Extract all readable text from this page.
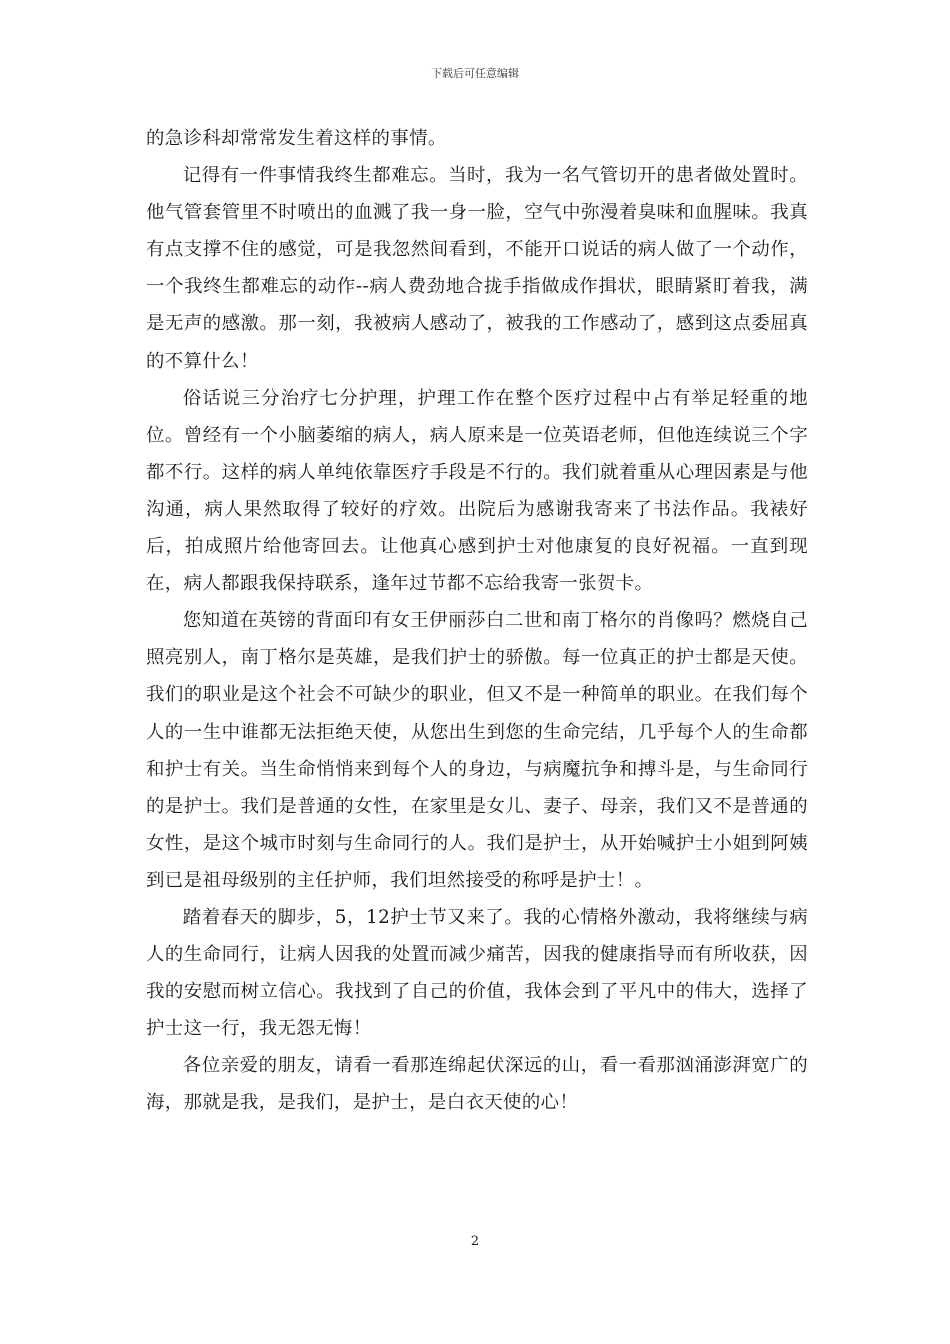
下载后可任意编辑

的急诊科却常常发生着这样的事情。

记得有一件事情我终生都难忘。当时，我为一名气管切开的患者做处置时。他气管套管里不时喷出的血溅了我一身一脸，空气中弥漫着臭味和血腥味。我真有点支撑不住的感觉，可是我忽然间看到，不能开口说话的病人做了一个动作，一个我终生都难忘的动作--病人费劲地合拢手指做成作揖状，眼睛紧盯着我，满是无声的感激。那一刻，我被病人感动了，被我的工作感动了，感到这点委屈真的不算什么！

俗话说三分治疗七分护理，护理工作在整个医疗过程中占有举足轻重的地位。曾经有一个小脑萎缩的病人，病人原来是一位英语老师，但他连续说三个字都不行。这样的病人单纯依靠医疗手段是不行的。我们就着重从心理因素是与他沟通，病人果然取得了较好的疗效。出院后为感谢我寄来了书法作品。我裱好后，拍成照片给他寄回去。让他真心感到护士对他康复的良好祝福。一直到现在，病人都跟我保持联系，逢年过节都不忘给我寄一张贺卡。

您知道在英镑的背面印有女王伊丽莎白二世和南丁格尔的肖像吗？燃烧自己照亮别人，南丁格尔是英雄，是我们护士的骄傲。每一位真正的护士都是天使。我们的职业是这个社会不可缺少的职业，但又不是一种简单的职业。在我们每个人的一生中谁都无法拒绝天使，从您出生到您的生命完结，几乎每个人的生命都和护士有关。当生命悄悄来到每个人的身边，与病魔抗争和搏斗是，与生命同行的是护士。我们是普通的女性，在家里是女儿、妻子、母亲，我们又不是普通的女性，是这个城市时刻与生命同行的人。我们是护士，从开始喊护士小姐到阿姨到已是祖母级别的主任护师，我们坦然接受的称呼是护士！。

踏着春天的脚步，5，12护士节又来了。我的心情格外激动，我将继续与病人的生命同行，让病人因我的处置而减少痛苦，因我的健康指导而有所收获，因我的安慰而树立信心。我找到了自己的价值，我体会到了平凡中的伟大，选择了护士这一行，我无怨无悔！

各位亲爱的朋友，请看一看那连绵起伏深远的山，看一看那汹涌澎湃宽广的海，那就是我，是我们，是护士，是白衣天使的心！

2
